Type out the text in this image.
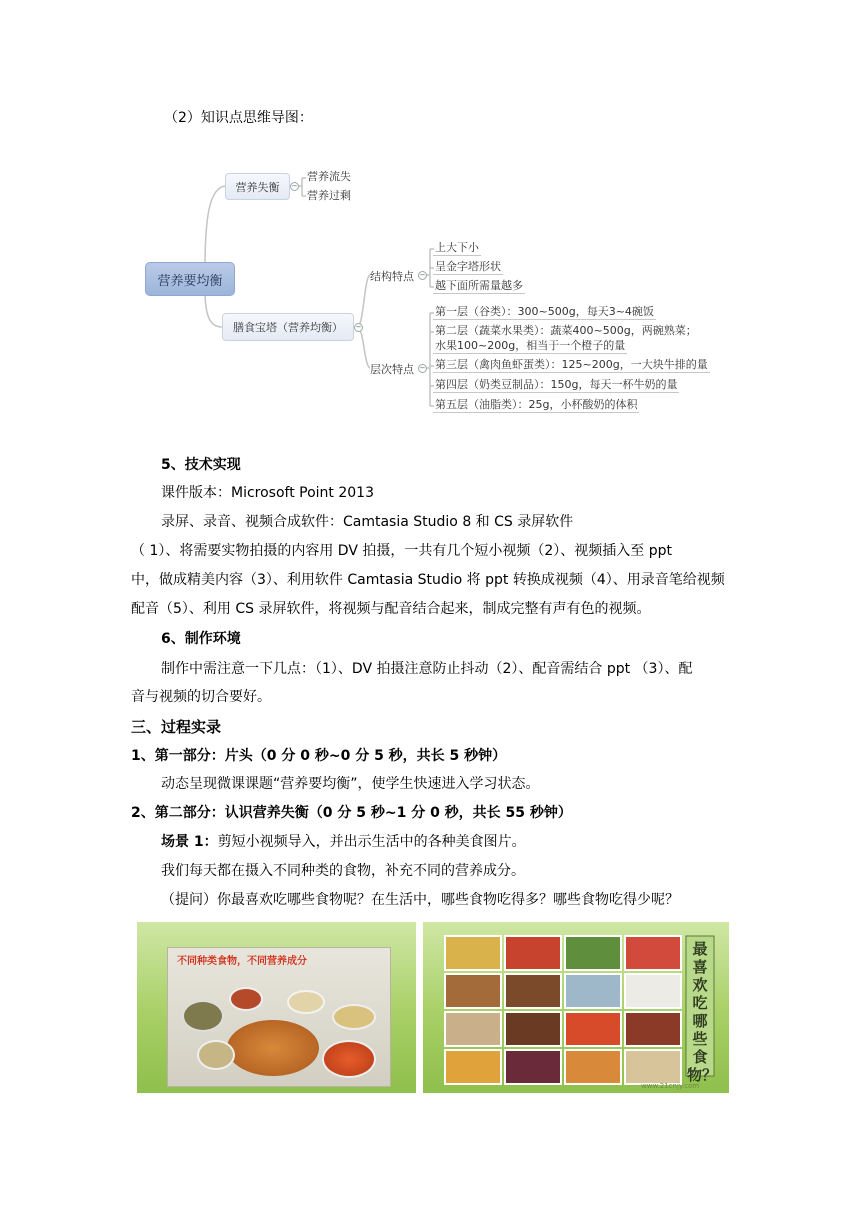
（2）知识点思维导图：
营养要均衡
营养失衡	−
营养流失
营养过剩
膳食宝塔（营养均衡）	−
结构特点 −
上大下小
呈金字塔形状
越下面所需量越多
层次特点 −
第一层（谷类）：300~500g，每天3~4碗饭
第二层（蔬菜水果类）：蔬菜400~500g，两碗熟菜；
水果100~200g，相当于一个橙子的量
第三层（禽肉鱼虾蛋类）：125~200g，一大块牛排的量
第四层（奶类豆制品）：150g，每天一杯牛奶的量
第五层（油脂类）：25g，小杯酸奶的体积
5、技术实现
课件版本：Microsoft Point 2013
录屏、录音、视频合成软件：Camtasia Studio 8 和 CS 录屏软件
（ 1）、将需要实物拍摄的内容用 DV 拍摄，一共有几个短小视频（2）、视频插入至 ppt
中，做成精美内容（3）、利用软件 Camtasia Studio 将 ppt 转换成视频（4）、用录音笔给视频
配音（5）、利用 CS 录屏软件，将视频与配音结合起来，制成完整有声有色的视频。
6、制作环境
制作中需注意一下几点：（1）、DV 拍摄注意防止抖动（2）、配音需结合 ppt （3）、配
音与视频的切合要好。
三、过程实录
1、第一部分：片头（0 分 0 秒~0 分 5 秒，共长 5 秒钟）
动态呈现微课课题“营养要均衡”，使学生快速进入学习状态。
2、第二部分：认识营养失衡（0 分 5 秒~1 分 0 秒，共长 55 秒钟）
场景 1：剪短小视频导入，并出示生活中的各种美食图片。
我们每天都在摄入不同种类的食物，补充不同的营养成分。
（提问）你最喜欢吃哪些食物呢？在生活中，哪些食物吃得多？哪些食物吃得少呢？
不同种类食物，不同营养成分
最喜欢吃哪些食物？
www.21cnjy.com
